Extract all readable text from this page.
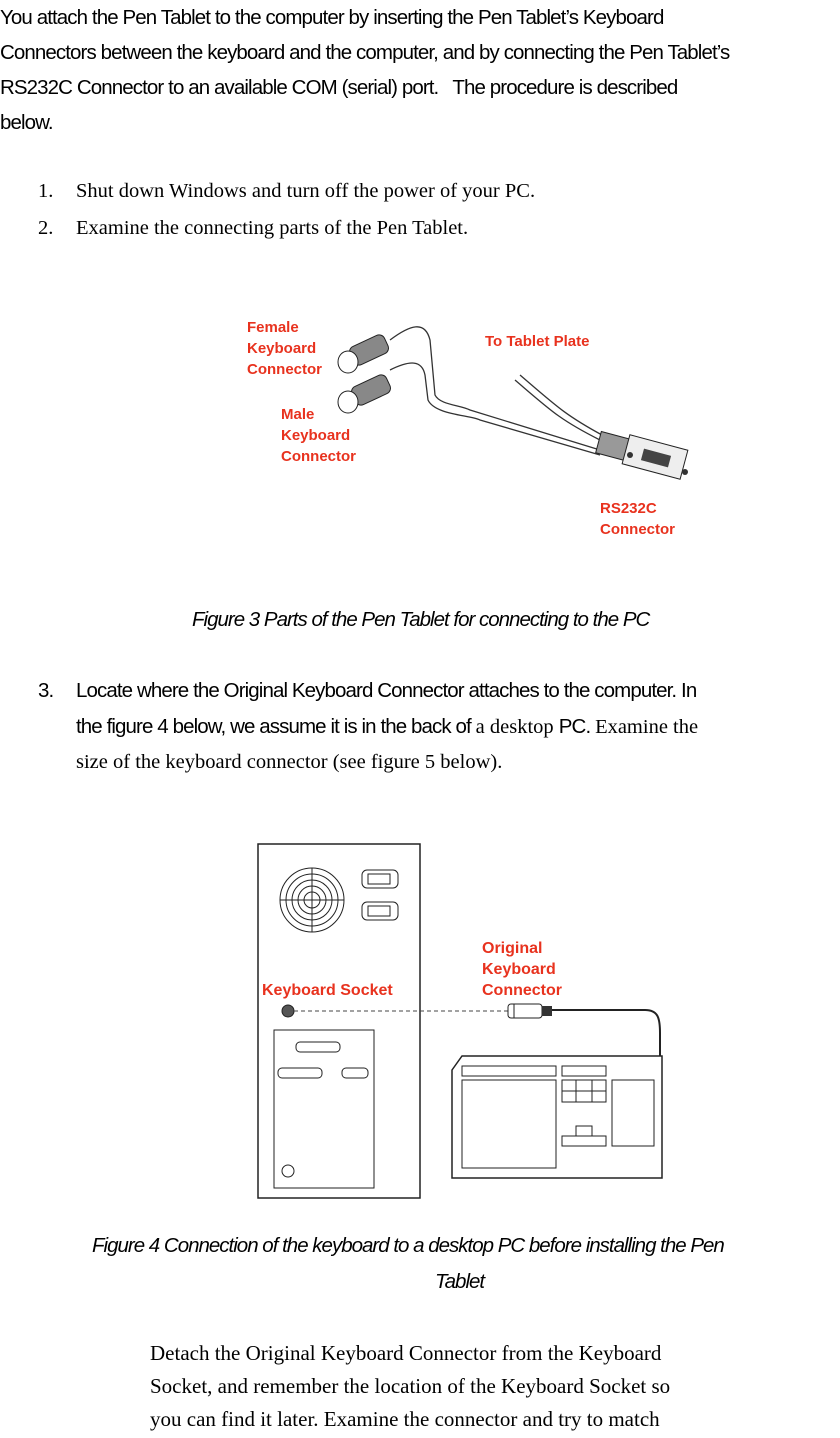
You attach the Pen Tablet to the computer by inserting the Pen Tablet’s Keyboard

Connectors between the keyboard and the computer, and by connecting the Pen Tablet’s

RS232C Connector to an available COM (serial) port.   The procedure is described

below.

1. Shut down Windows and turn off the power of your PC.
2. Examine the connecting parts of the Pen Tablet.
Female
Keyboard
Connector
Male
Keyboard
Connector
To Tablet Plate
RS232C
Connector
Figure 3 Parts of the Pen Tablet for connecting to the PC
3. Locate where the Original Keyboard Connector attaches to the computer. In
the figure 4 below, we assume it is in the back of a desktop PC. Examine the
size of the keyboard connector (see figure 5 below).
Keyboard Socket
Original
Keyboard
Connector
Figure 4 Connection of the keyboard to a desktop PC before installing the Pen
Tablet
Detach the Original Keyboard Connector from the Keyboard
Socket, and remember the location of the Keyboard Socket so
you can find it later. Examine the connector and try to match
